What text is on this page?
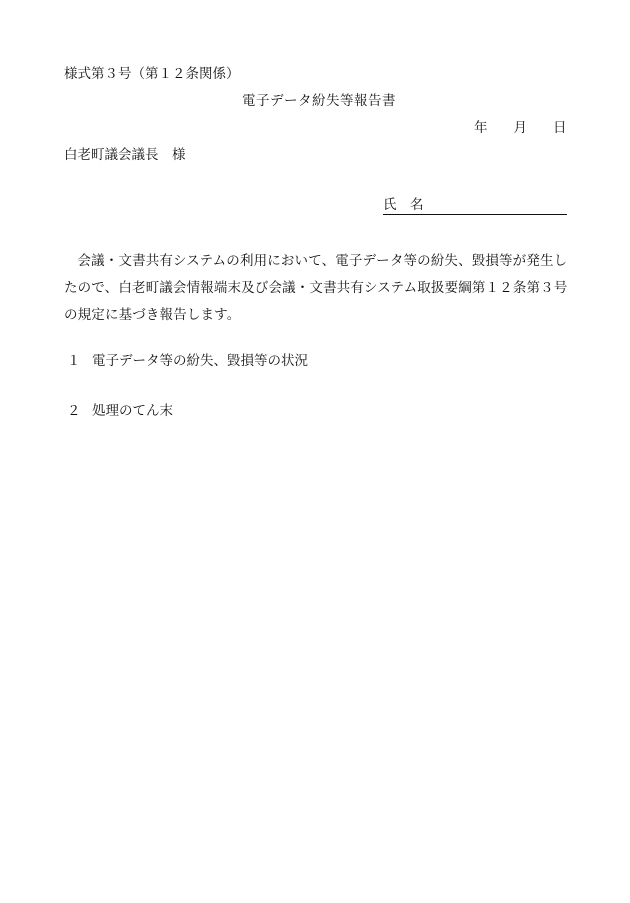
様式第３号（第１２条関係）
電子データ紛失等報告書
年 月 日
白老町議会議長　様
氏　名
会議・文書共有システムの利用において、電子データ等の紛失、毀損等が発生したので、白老町議会情報端末及び会議・文書共有システム取扱要綱第１２条第３号の規定に基づき報告します。
１ 電子データ等の紛失、毀損等の状況
２ 処理のてん末
